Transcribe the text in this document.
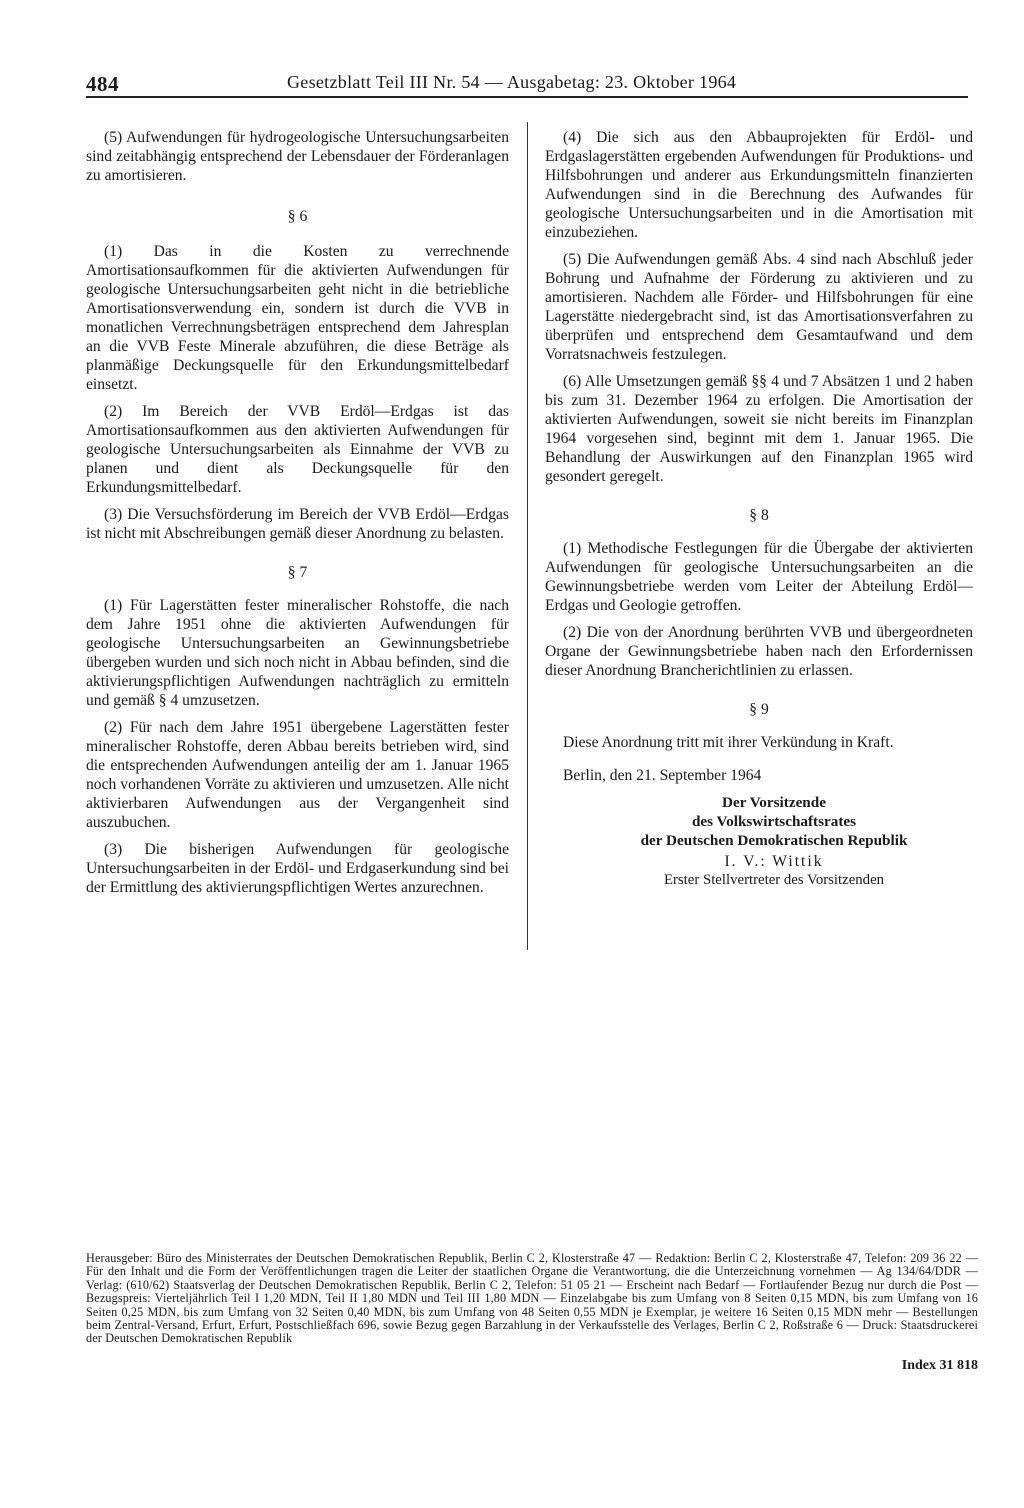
484	Gesetzblatt Teil III Nr. 54 — Ausgabetag: 23. Oktober 1964

(5) Aufwendungen für hydrogeologische Untersuchungsarbeiten sind zeitabhängig entsprechend der Lebensdauer der Förderanlagen zu amortisieren.

§ 6

(1) Das in die Kosten zu verrechnende Amortisationsaufkommen für die aktivierten Aufwendungen für geologische Untersuchungsarbeiten geht nicht in die betriebliche Amortisationsverwendung ein, sondern ist durch die VVB in monatlichen Verrechnungsbeträgen entsprechend dem Jahresplan an die VVB Feste Minerale abzuführen, die diese Beträge als planmäßige Deckungsquelle für den Erkundungsmittelbedarf einsetzt.

(2) Im Bereich der VVB Erdöl—Erdgas ist das Amortisationsaufkommen aus den aktivierten Aufwendungen für geologische Untersuchungsarbeiten als Einnahme der VVB zu planen und dient als Deckungsquelle für den Erkundungsmittelbedarf.

(3) Die Versuchsförderung im Bereich der VVB Erdöl—Erdgas ist nicht mit Abschreibungen gemäß dieser Anordnung zu belasten.

§ 7

(1) Für Lagerstätten fester mineralischer Rohstoffe, die nach dem Jahre 1951 ohne die aktivierten Aufwendungen für geologische Untersuchungsarbeiten an Gewinnungsbetriebe übergeben wurden und sich noch nicht in Abbau befinden, sind die aktivierungspflichtigen Aufwendungen nachträglich zu ermitteln und gemäß § 4 umzusetzen.

(2) Für nach dem Jahre 1951 übergebene Lagerstätten fester mineralischer Rohstoffe, deren Abbau bereits betrieben wird, sind die entsprechenden Aufwendungen anteilig der am 1. Januar 1965 noch vorhandenen Vorräte zu aktivieren und umzusetzen. Alle nicht aktivierbaren Aufwendungen aus der Vergangenheit sind auszubuchen.

(3) Die bisherigen Aufwendungen für geologische Untersuchungsarbeiten in der Erdöl- und Erdgaserkundung sind bei der Ermittlung des aktivierungspflichtigen Wertes anzurechnen.

(4) Die sich aus den Abbauprojekten für Erdöl- und Erdgaslagerstätten ergebenden Aufwendungen für Produktions- und Hilfsbohrungen und anderer aus Erkundungsmitteln finanzierten Aufwendungen sind in die Berechnung des Aufwandes für geologische Untersuchungsarbeiten und in die Amortisation mit einzubeziehen.

(5) Die Aufwendungen gemäß Abs. 4 sind nach Abschluß jeder Bohrung und Aufnahme der Förderung zu aktivieren und zu amortisieren. Nachdem alle Förder- und Hilfsbohrungen für eine Lagerstätte niedergebracht sind, ist das Amortisationsverfahren zu überprüfen und entsprechend dem Gesamtaufwand und dem Vorratsnachweis festzulegen.

(6) Alle Umsetzungen gemäß §§ 4 und 7 Absätzen 1 und 2 haben bis zum 31. Dezember 1964 zu erfolgen. Die Amortisation der aktivierten Aufwendungen, soweit sie nicht bereits im Finanzplan 1964 vorgesehen sind, beginnt mit dem 1. Januar 1965. Die Behandlung der Auswirkungen auf den Finanzplan 1965 wird gesondert geregelt.

§ 8

(1) Methodische Festlegungen für die Übergabe der aktivierten Aufwendungen für geologische Untersuchungsarbeiten an die Gewinnungsbetriebe werden vom Leiter der Abteilung Erdöl—Erdgas und Geologie getroffen.

(2) Die von der Anordnung berührten VVB und übergeordneten Organe der Gewinnungsbetriebe haben nach den Erfordernissen dieser Anordnung Brancherichtlinien zu erlassen.

§ 9

Diese Anordnung tritt mit ihrer Verkündung in Kraft.

Berlin, den 21. September 1964

Der Vorsitzende
des Volkswirtschaftsrates
der Deutschen Demokratischen Republik
I. V.: Wittik
Erster Stellvertreter des Vorsitzenden
Herausgeber: Büro des Ministerrates der Deutschen Demokratischen Republik, Berlin C 2, Klosterstraße 47 — Redaktion: Berlin C 2, Klosterstraße 47, Telefon: 209 36 22 — Für den Inhalt und die Form der Veröffentlichungen tragen die Leiter der staatlichen Organe die Verantwortung, die die Unterzeichnung vornehmen — Ag 134/64/DDR — Verlag: (610/62) Staatsverlag der Deutschen Demokratischen Republik, Berlin C 2, Telefon: 51 05 21 — Erscheint nach Bedarf — Fortlaufender Bezug nur durch die Post — Bezugspreis: Vierteljährlich Teil I 1,20 MDN, Teil II 1,80 MDN und Teil III 1,80 MDN — Einzelabgabe bis zum Umfang von 8 Seiten 0,15 MDN, bis zum Umfang von 16 Seiten 0,25 MDN, bis zum Umfang von 32 Seiten 0,40 MDN, bis zum Umfang von 48 Seiten 0,55 MDN je Exemplar, je weitere 16 Seiten 0,15 MDN mehr — Bestellungen beim Zentral-Versand, Erfurt, Erfurt, Postschließfach 696, sowie Bezug gegen Barzahlung in der Verkaufsstelle des Verlages, Berlin C 2, Roßstraße 6 — Druck: Staatsdruckerei der Deutschen Demokratischen Republik
Index 31 818
